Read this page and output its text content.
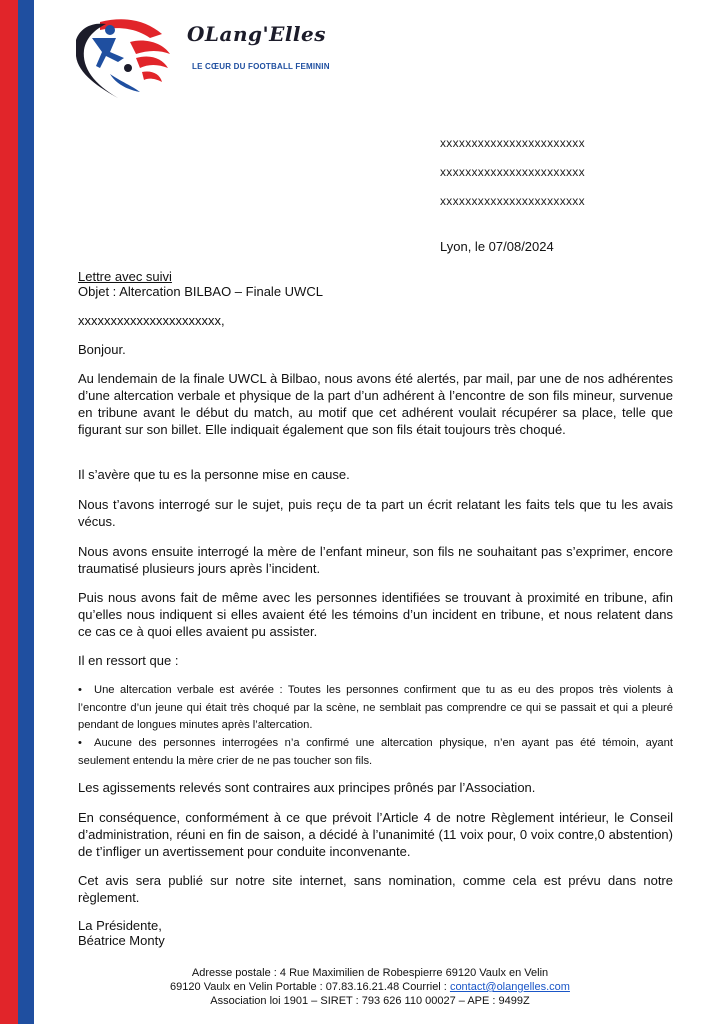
OLang'Elles
LE CŒUR DU FOOTBALL FEMININ
xxxxxxxxxxxxxxxxxxxxxxx
xxxxxxxxxxxxxxxxxxxxxxx
xxxxxxxxxxxxxxxxxxxxxxx
Lyon, le 07/08/2024
Lettre avec suivi
Objet : Altercation BILBAO – Finale UWCL
xxxxxxxxxxxxxxxxxxxxxx,
Bonjour.
Au lendemain de la finale UWCL à Bilbao, nous avons été alertés, par mail, par une de nos adhérentes d’une altercation verbale et physique de la part d’un adhérent à l’encontre de son fils mineur, survenue en tribune avant le début du match, au motif que cet adhérent voulait récupérer sa place, telle que figurant sur son billet. Elle indiquait également que son fils était toujours très choqué.
Il s’avère que tu es la personne mise en cause.
Nous t’avons interrogé sur le sujet, puis reçu de ta part un écrit relatant les faits tels que tu les avais vécus.
Nous avons ensuite interrogé la mère de l’enfant mineur, son fils ne souhaitant pas s’exprimer, encore traumatisé plusieurs jours après l’incident.
Puis nous avons fait de même avec les personnes identifiées se trouvant à proximité en tribune, afin qu’elles nous indiquent si elles avaient été les témoins d’un incident en tribune, et nous relatent dans ce cas ce à quoi elles avaient pu assister.
Il en ressort que :
• Une altercation verbale est avérée : Toutes les personnes confirment que tu as eu des propos très violents à l’encontre d’un jeune qui était très choqué par la scène, ne semblait pas comprendre ce qui se passait et qui a pleuré pendant de longues minutes après l’altercation.
• Aucune des personnes interrogées n’a confirmé une altercation physique, n’en ayant pas été témoin, ayant seulement entendu la mère crier de ne pas toucher son fils.
Les agissements relevés sont contraires aux principes prônés par l’Association.
En conséquence, conformément à ce que prévoit l’Article 4 de notre Règlement intérieur, le Conseil d’administration, réuni en fin de saison, a décidé à l’unanimité (11 voix pour, 0 voix contre,0 abstention) de t’infliger un avertissement pour conduite inconvenante.
Cet avis sera publié sur notre site internet, sans nomination, comme cela est prévu dans notre règlement.
La Présidente,
Béatrice Monty
Adresse postale : 4 Rue Maximilien de Robespierre 69120 Vaulx en Velin
69120 Vaulx en Velin Portable : 07.83.16.21.48 Courriel : contact@olangelles.com
Association loi 1901 – SIRET : 793 626 110 00027 – APE : 9499Z
